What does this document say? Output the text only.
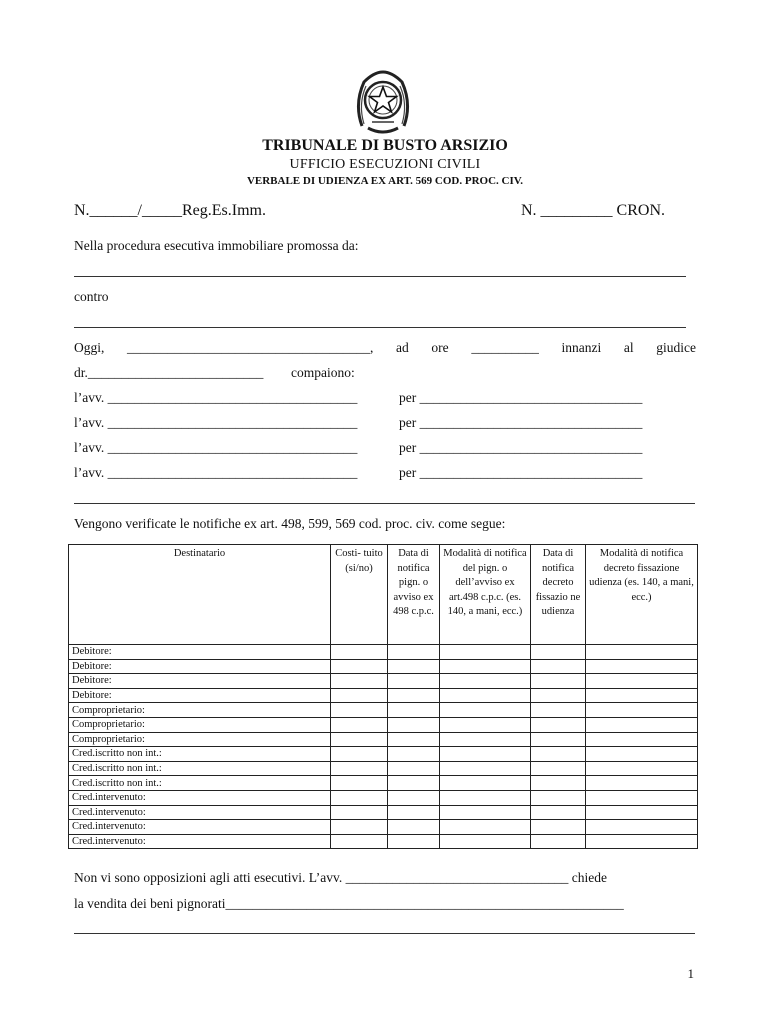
TRIBUNALE DI BUSTO ARSIZIO
UFFICIO ESECUZIONI CIVILI
VERBALE DI UDIENZA EX ART. 569 COD. PROC. CIV.
N.______/_____Reg.Es.Imm.	N. _________ CRON.
Nella procedura esecutiva immobiliare promossa da:
contro
Oggi, ____________________________________, ad ore __________ innanzi al giudice
dr.__________________________ compaiono:
l’avv. _____________________________________	per _________________________________
l’avv. _____________________________________	per _________________________________
l’avv. _____________________________________	per _________________________________
l’avv. _____________________________________	per _________________________________
Vengono verificate le notifiche ex art. 498, 599, 569 cod. proc. civ. come segue:
Destinatario	Costi- tuito (si/no)	Data di notifica pign. o avviso ex 498 c.p.c.	Modalità di notifica del pign. o dell’avviso ex art.498 c.p.c. (es. 140, a mani, ecc.)	Data di notifica decreto fissazio ne udienza	Modalità di notifica decreto fissazione udienza (es. 140, a mani, ecc.)
Debitore:					
Debitore:					
Debitore:					
Debitore:					
Comproprietario:					
Comproprietario:					
Comproprietario:					
Cred.iscritto non int.:					
Cred.iscritto non int.:					
Cred.iscritto non int.:					
Cred.intervenuto:					
Cred.intervenuto:					
Cred.intervenuto:					
Cred.intervenuto:					
Non vi sono opposizioni agli atti esecutivi. L’avv. _________________________________ chiede
la vendita dei beni pignorati___________________________________________________________
1
